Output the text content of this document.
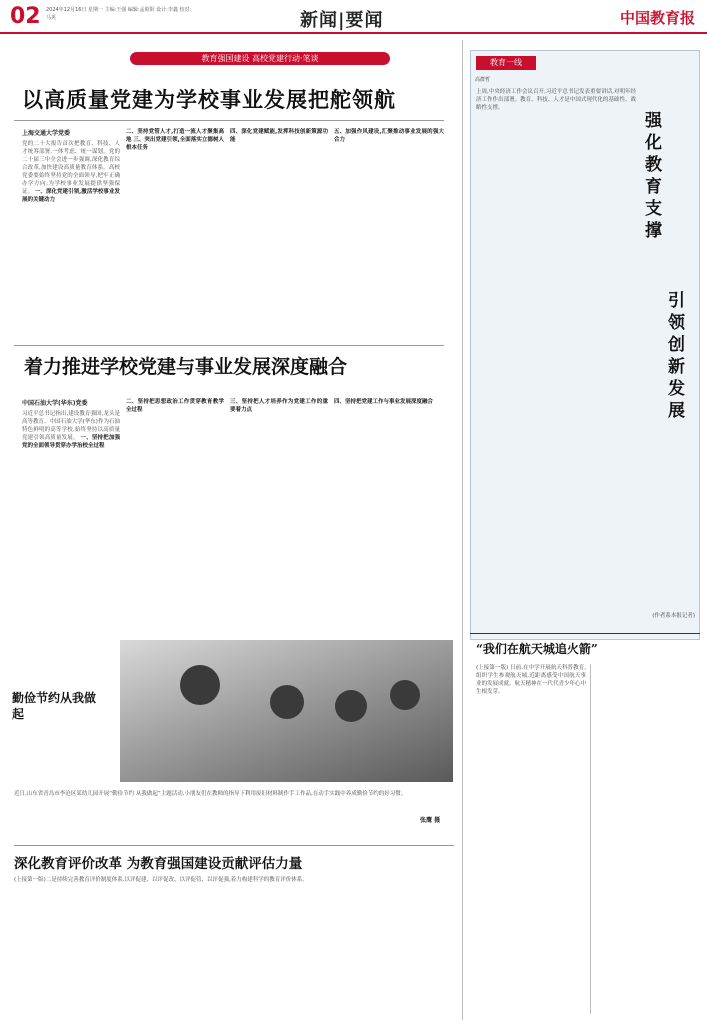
02 2024年12月16日 星期一 主编:王强 编辑:孟昭阳 设计:李鑫 校对:马英	新闻|要闻	中国教育报
教育强国建设 高校党建行动·笔谈
以高质量党建为学校事业发展把舵领航
上海交通大学党委
党的二十大报告首次把教育、科技、人才统筹部署,一体考虑、统一谋划。党的二十届三中全会进一步强调,深化教育综合改革,加快建设高质量教育体系。高校党委要始终坚持党的全面领导,把牢正确办学方向,为学校事业发展提供坚强保证。 一、深化党建引领,激活学校事业发展的关键动力
二、坚持党管人才,打造一流人才聚集高地 三、突出党建引领,全面落实立德树人根本任务
四、深化党建赋能,发挥科技创新策源功能
五、加强作风建设,汇聚推动事业发展的强大合力
着力推进学校党建与事业发展深度融合
中国石油大学(华东)党委
习近平总书记指出,建设教育强国,龙头是高等教育。中国石油大学(华东)作为石油特色鲜明的高等学校,始终坚持以高质量党建引领高质量发展。 一、坚持把加强党的全面领导贯穿办学治校全过程
二、坚持把思想政治工作贯穿教育教学全过程
三、坚持把人才培养作为党建工作的重要着力点
四、坚持把党建工作与事业发展深度融合
教育一线
高群哲
强化教育支撑
引领创新发展
上周,中央经济工作会议召开,习近平总书记发表重要讲话,对明年经济工作作出部署。教育、科技、人才是中国式现代化的基础性、战略性支撑。
(作者系本报记者)
“我们在航天城追火箭”
(上接第一版) 日前,在中学开展航天科普教育,组织学生参观航天城,近距离感受中国航天事业的发展成就。航天精神在一代代青少年心中生根发芽。
勤俭节约从我做起
近日,山东省青岛市李沧区某幼儿园开展“勤俭节约 从我做起”主题活动,小朋友们在教师的指导下利用废旧材料制作手工作品,在动手实践中养成勤俭节约的好习惯。
张鹰 摄
深化教育评价改革 为教育强国建设贡献评估力量
(上接第一版)二是持续完善教育评价制度体系,以评促建、以评促改、以评促管、以评促强,着力构建科学的教育评价体系。
